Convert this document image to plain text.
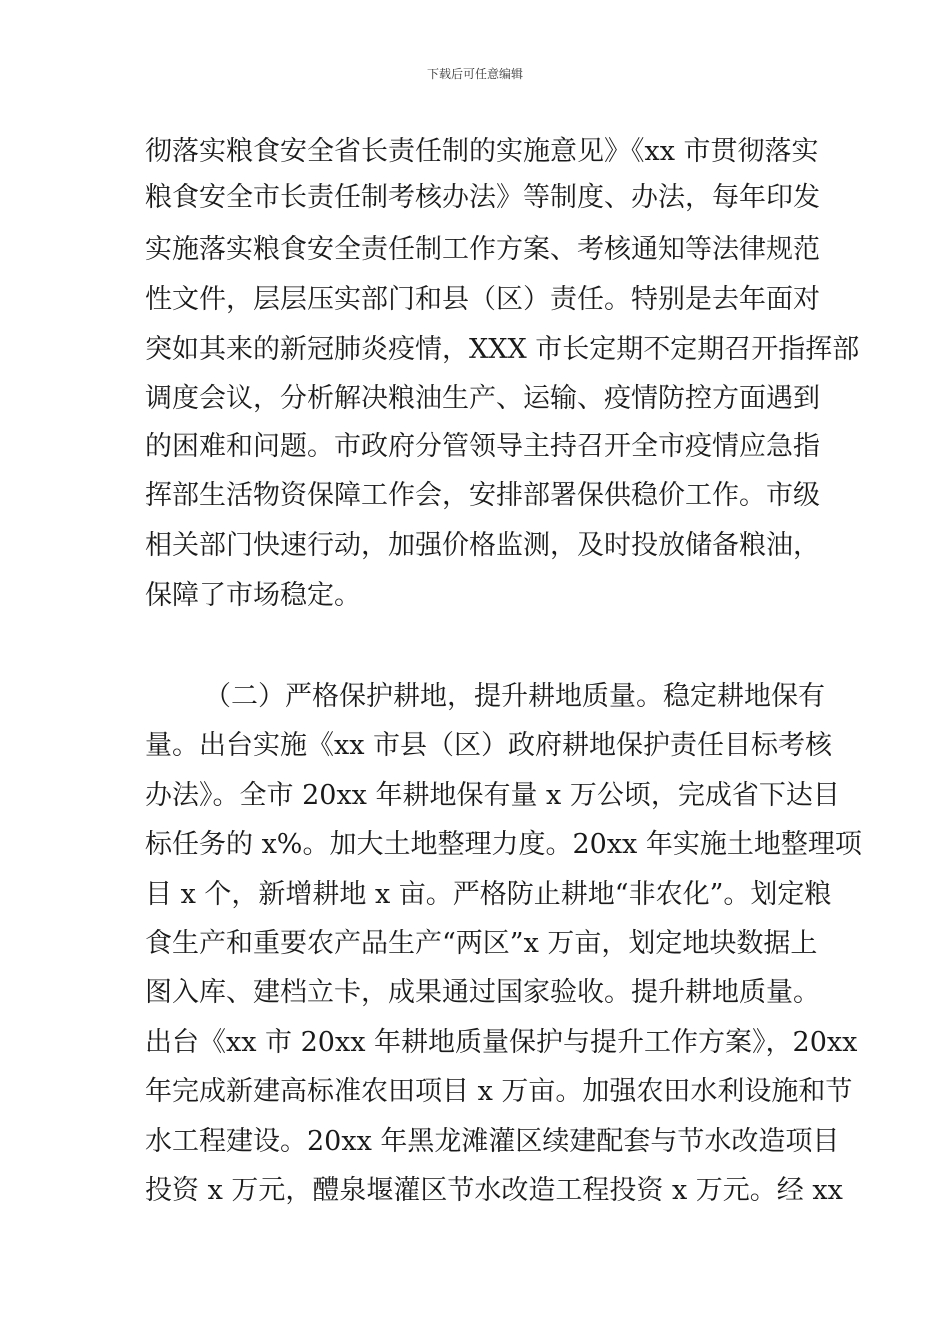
下载后可任意编辑
彻落实粮食安全省长责任制的实施意见》《xx 市贯彻落实
粮食安全市长责任制考核办法》等制度、办法，每年印发
实施落实粮食安全责任制工作方案、考核通知等法律规范
性文件，层层压实部门和县（区）责任。特别是去年面对
突如其来的新冠肺炎疫情，XXX 市长定期不定期召开指挥部
调度会议，分析解决粮油生产、运输、疫情防控方面遇到
的困难和问题。市政府分管领导主持召开全市疫情应急指
挥部生活物资保障工作会，安排部署保供稳价工作。市级
相关部门快速行动，加强价格监测，及时投放储备粮油，
保障了市场稳定。
（二）严格保护耕地，提升耕地质量。稳定耕地保有
量。出台实施《xx 市县（区）政府耕地保护责任目标考核
办法》。全市 20xx 年耕地保有量 x 万公顷，完成省下达目
标任务的 x%。加大土地整理力度。20xx 年实施土地整理项
目 x 个，新增耕地 x 亩。严格防止耕地“非农化”。划定粮
食生产和重要农产品生产“两区”x 万亩，划定地块数据上
图入库、建档立卡，成果通过国家验收。提升耕地质量。
出台《xx 市 20xx 年耕地质量保护与提升工作方案》，20xx
年完成新建高标准农田项目 x 万亩。加强农田水利设施和节
水工程建设。20xx 年黑龙滩灌区续建配套与节水改造项目
投资 x 万元，醴泉堰灌区节水改造工程投资 x 万元。经 xx
